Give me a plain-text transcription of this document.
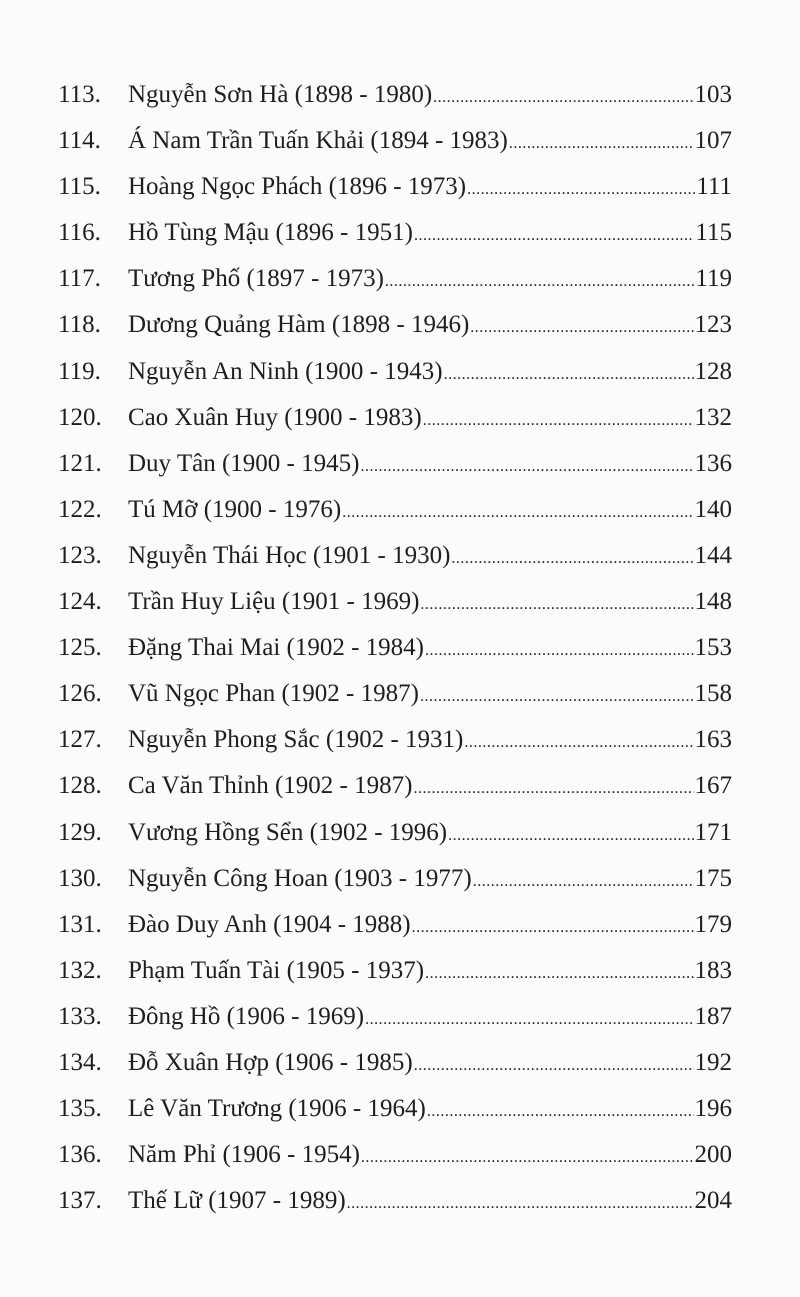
113. Nguyễn Sơn Hà (1898 - 1980) .....	103
114. Á Nam Trần Tuấn Khải (1894 - 1983) .....	107
115. Hoàng Ngọc Phách (1896 - 1973) .....	111
116. Hồ Tùng Mậu (1896 - 1951) .....	115
117. Tương Phố (1897 - 1973) .....	119
118. Dương Quảng Hàm (1898 - 1946) .....	123
119. Nguyễn An Ninh (1900 - 1943) .....	128
120. Cao Xuân Huy (1900 - 1983) .....	132
121. Duy Tân (1900 - 1945) .....	136
122. Tú Mỡ (1900 - 1976) .....	140
123. Nguyễn Thái Học (1901 - 1930) .....	144
124. Trần Huy Liệu (1901 - 1969) .....	148
125. Đặng Thai Mai (1902 - 1984) .....	153
126. Vũ Ngọc Phan (1902 - 1987) .....	158
127. Nguyễn Phong Sắc (1902 - 1931) .....	163
128. Ca Văn Thỉnh (1902 - 1987) .....	167
129. Vương Hồng Sển (1902 - 1996) .....	171
130. Nguyễn Công Hoan (1903 - 1977) .....	175
131. Đào Duy Anh (1904 - 1988) .....	179
132. Phạm Tuấn Tài (1905 - 1937) .....	183
133. Đông Hồ (1906 - 1969) .....	187
134. Đỗ Xuân Hợp (1906 - 1985) .....	192
135. Lê Văn Trương (1906 - 1964) .....	196
136. Năm Phỉ (1906 - 1954) .....	200
137. Thế Lữ (1907 - 1989) .....	204
